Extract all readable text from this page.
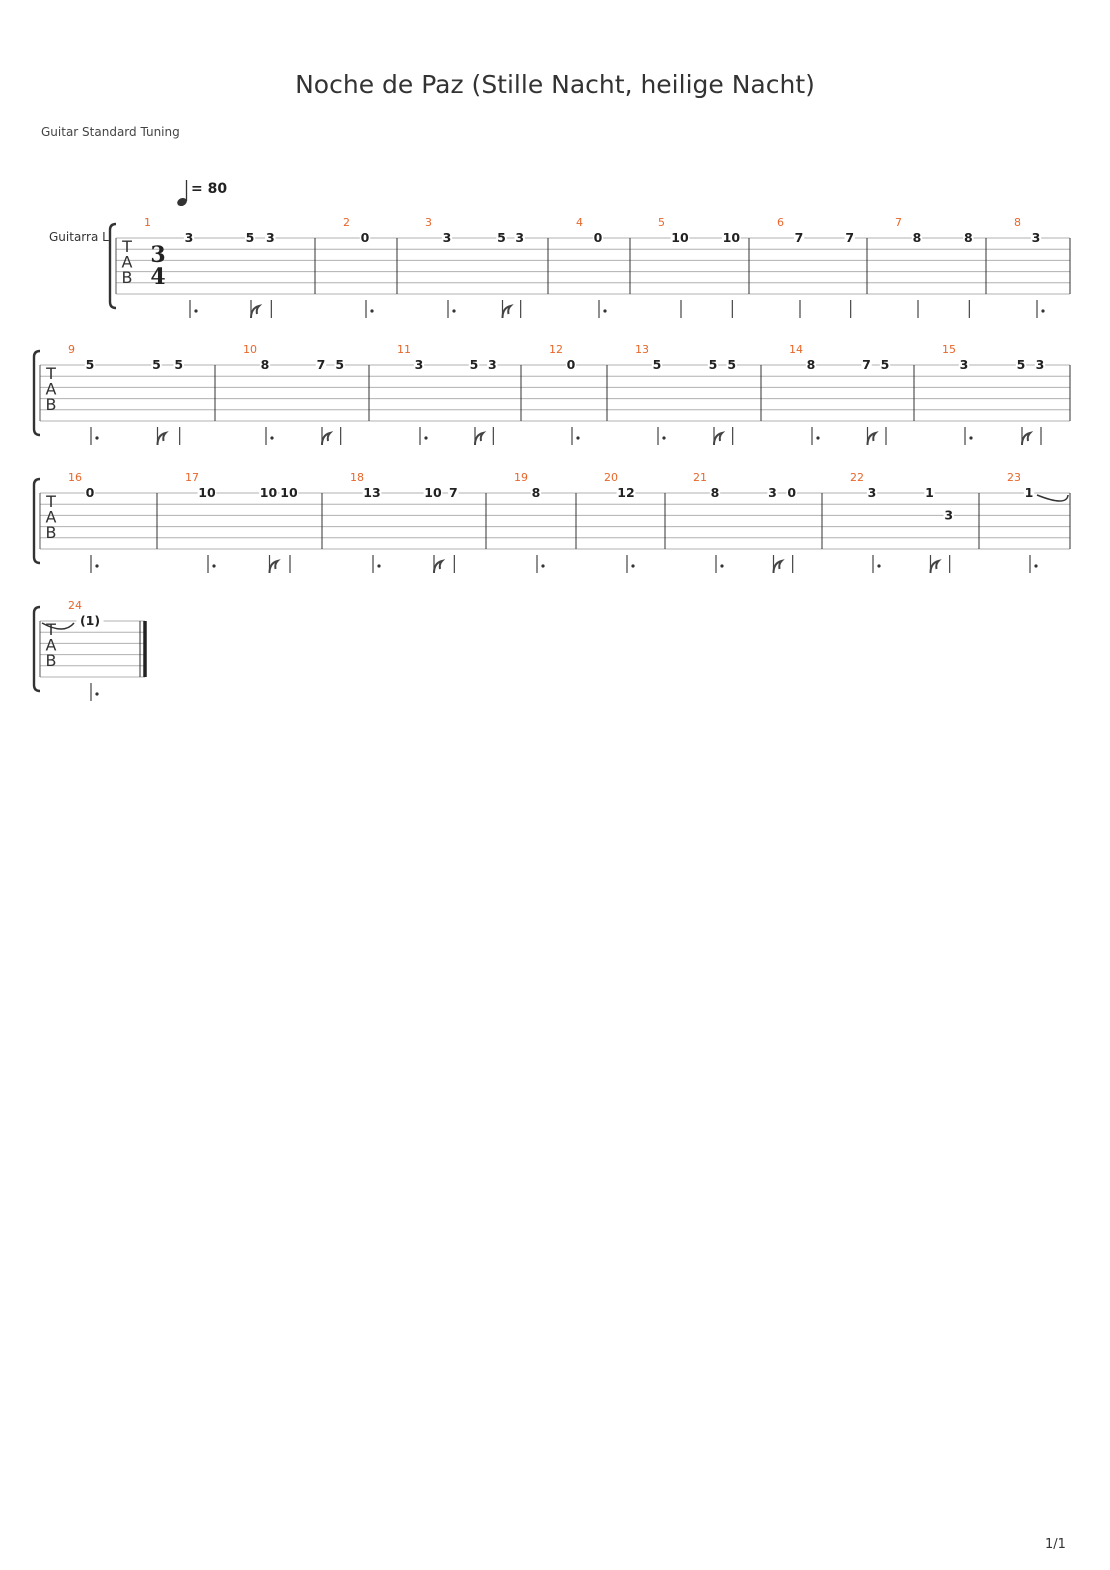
Noche de Paz (Stille Nacht, heilige Nacht)
Guitar Standard Tuning
= 80
Guitarra L T
A
B
3
4
1
3	5 3
2
0
3
3	5 3
4
0
5
10	10
6
7	7
7
8	8
8
3
T
A
B
9
5	5 5
10
8	7 5
11
3	5 3
12
0
13
5	5 5
14
8	7 5
15
3	5 3
T
A
B
16
0
17
10	10 10
18
13	10 7
19
8
20
12
21
8	3 0
22
3	1
3
23
1
T
A
B
24
(1)
1/1
